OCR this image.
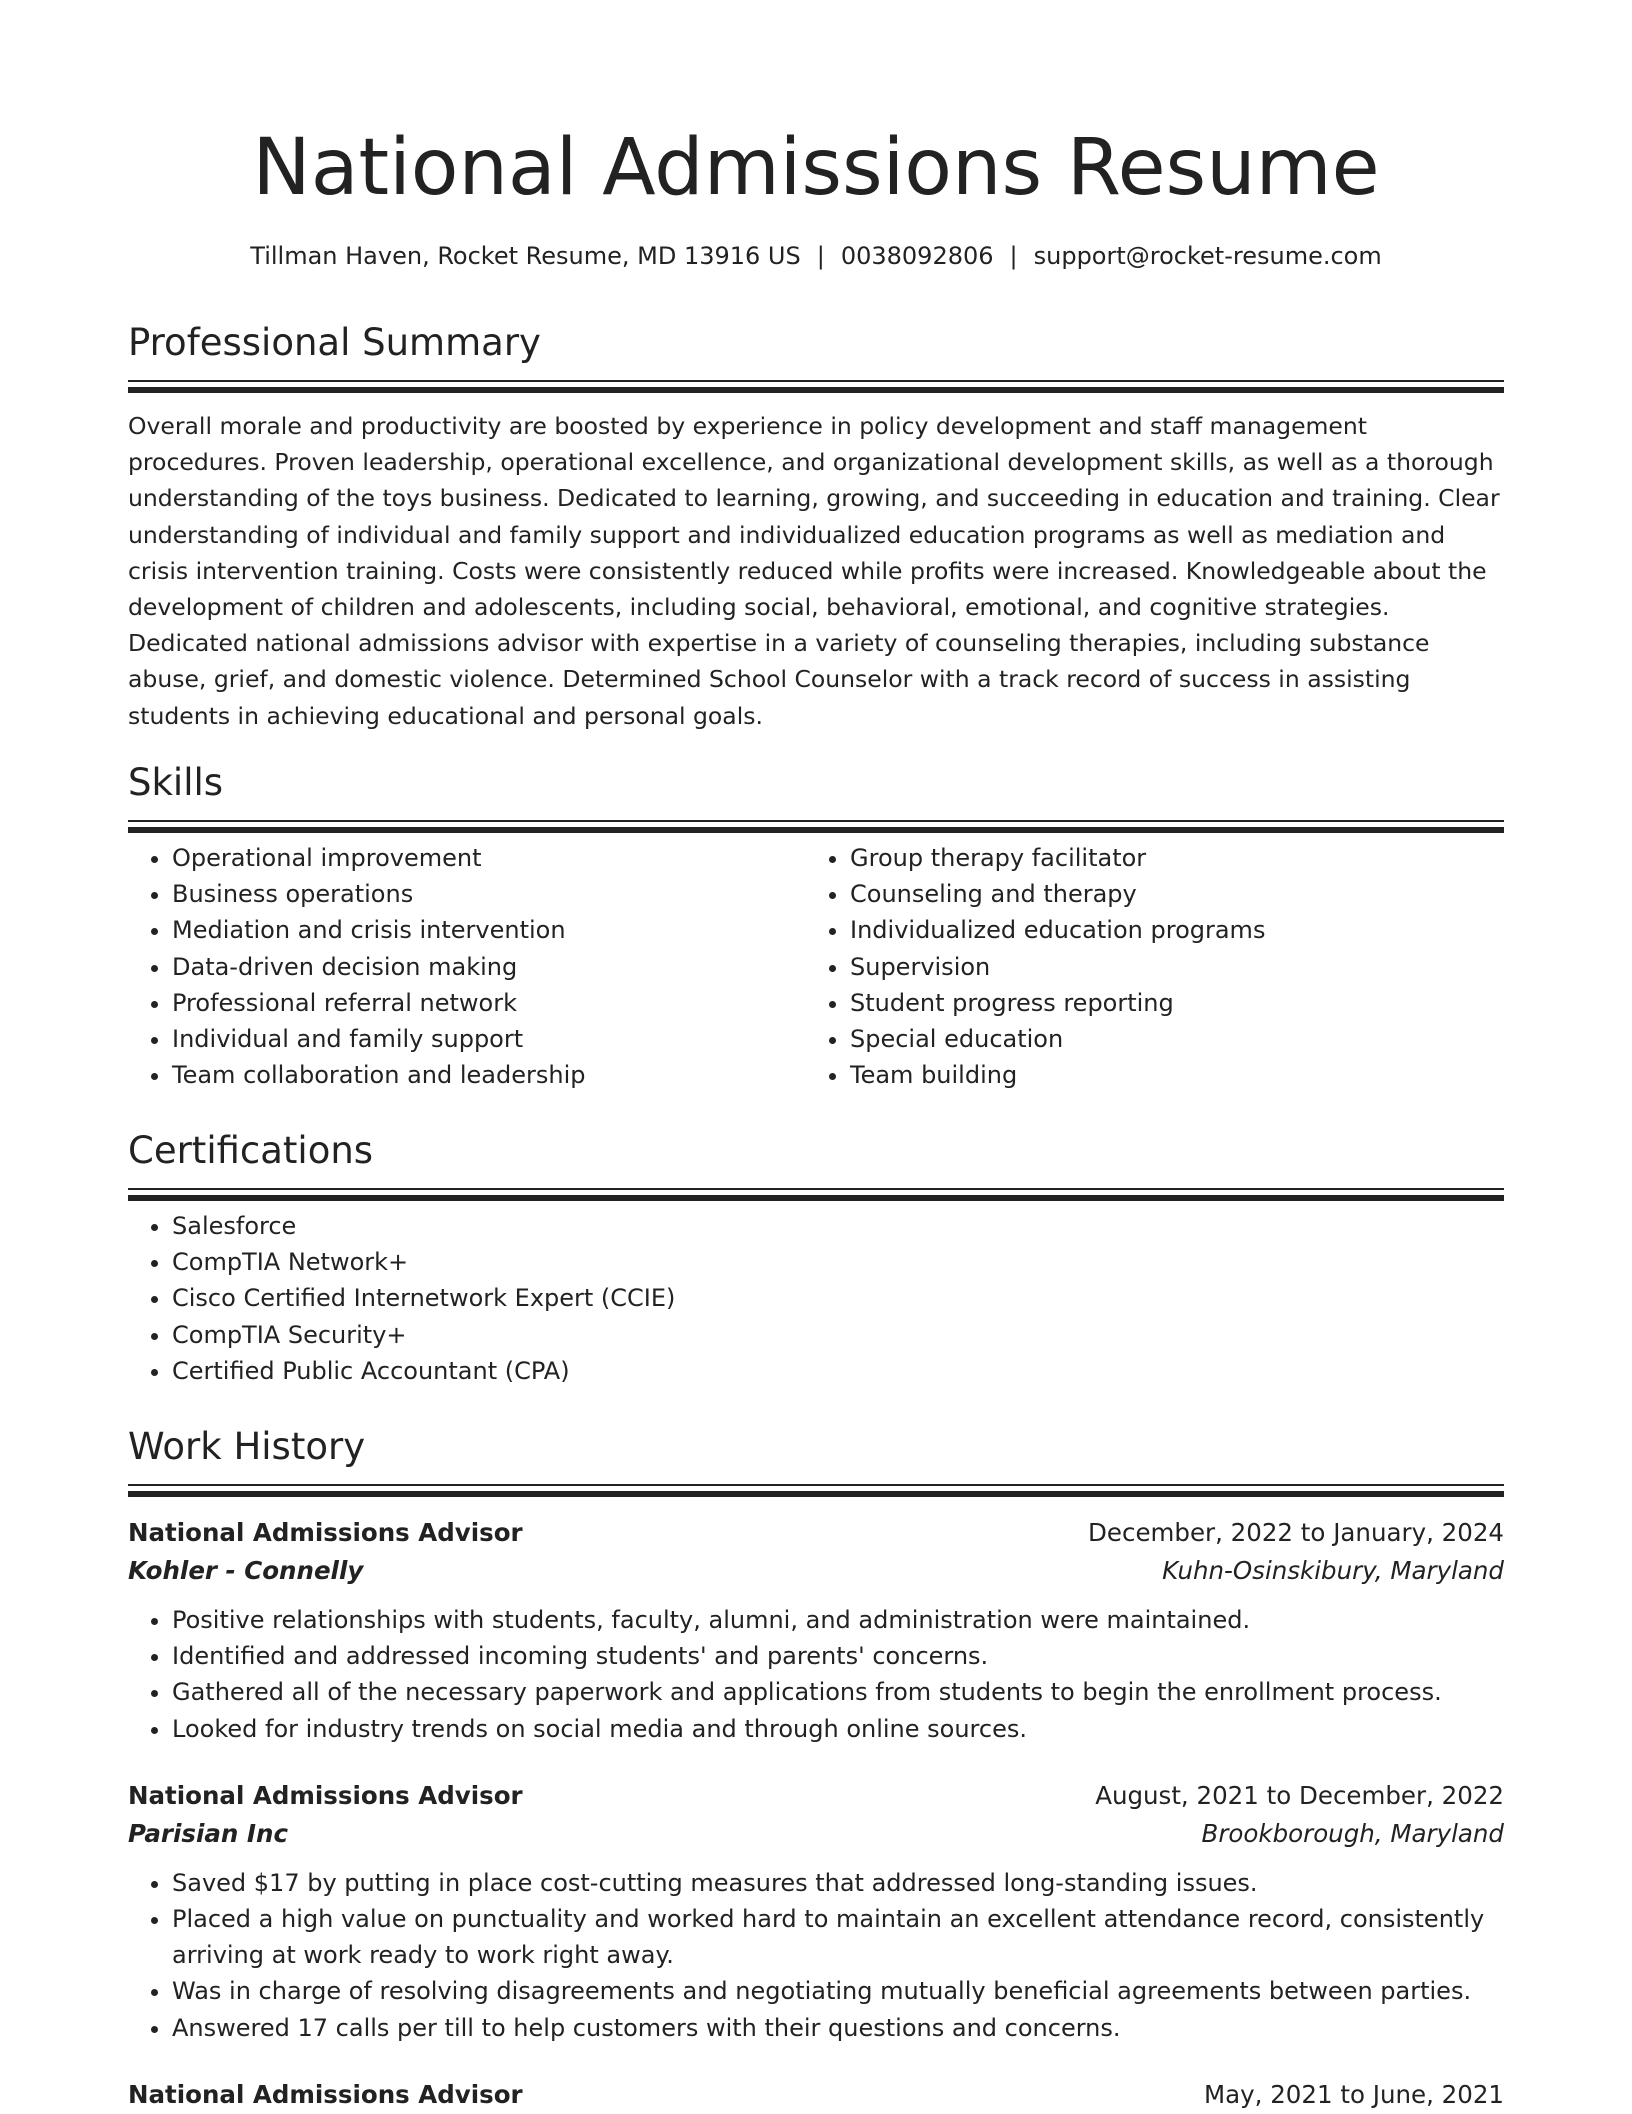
National Admissions Resume
Tillman Haven, Rocket Resume, MD 13916 US | 0038092806 | support@rocket-resume.com
Professional Summary

Overall morale and productivity are boosted by experience in policy development and staff management procedures. Proven leadership, operational excellence, and organizational development skills, as well as a thorough understanding of the toys business. Dedicated to learning, growing, and succeeding in education and training. Clear understanding of individual and family support and individualized education programs as well as mediation and crisis intervention training. Costs were consistently reduced while profits were increased. Knowledgeable about the development of children and adolescents, including social, behavioral, emotional, and cognitive strategies. Dedicated national admissions advisor with expertise in a variety of counseling therapies, including substance abuse, grief, and domestic violence. Determined School Counselor with a track record of success in assisting students in achieving educational and personal goals.

Skills
• Operational improvement
• Business operations
• Mediation and crisis intervention
• Data-driven decision making
• Professional referral network
• Individual and family support
• Team collaboration and leadership
• Group therapy facilitator
• Counseling and therapy
• Individualized education programs
• Supervision
• Student progress reporting
• Special education
• Team building
Certifications
• Salesforce
• CompTIA Network+
• Cisco Certified Internetwork Expert (CCIE)
• CompTIA Security+
• Certified Public Accountant (CPA)
Work History
National Admissions Advisor	December, 2022 to January, 2024
Kohler - Connelly	Kuhn-Osinskibury, Maryland
• Positive relationships with students, faculty, alumni, and administration were maintained.
• Identified and addressed incoming students' and parents' concerns.
• Gathered all of the necessary paperwork and applications from students to begin the enrollment process.
• Looked for industry trends on social media and through online sources.
National Admissions Advisor	August, 2021 to December, 2022
Parisian Inc	Brookborough, Maryland
• Saved $17 by putting in place cost-cutting measures that addressed long-standing issues.
• Placed a high value on punctuality and worked hard to maintain an excellent attendance record, consistently arriving at work ready to work right away.
• Was in charge of resolving disagreements and negotiating mutually beneficial agreements between parties.
• Answered 17 calls per till to help customers with their questions and concerns.
National Admissions Advisor	May, 2021 to June, 2021
